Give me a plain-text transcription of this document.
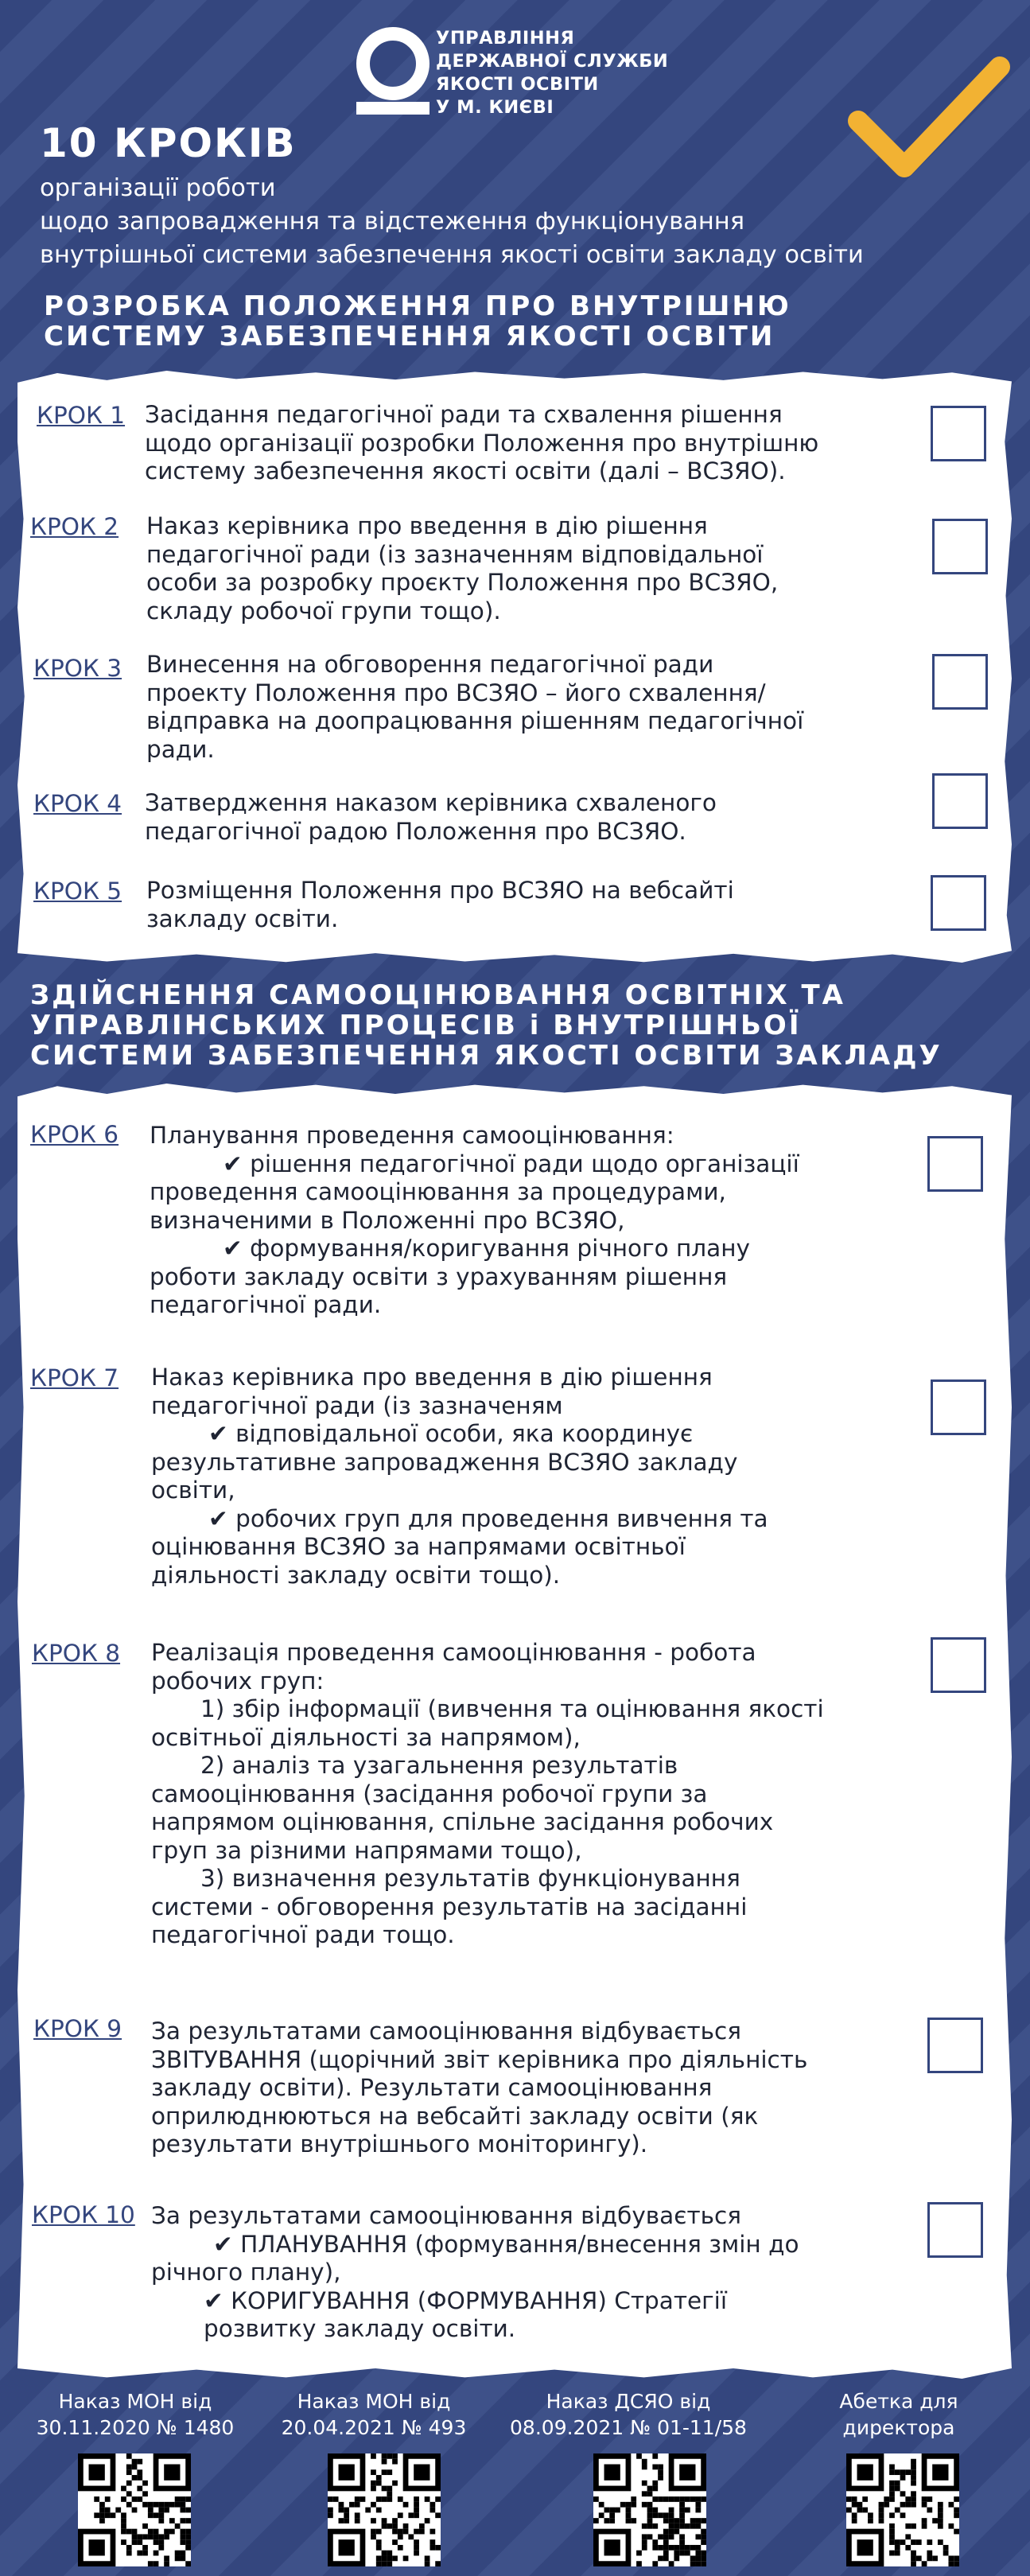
УПРАВЛІННЯ
ДЕРЖАВНОЇ СЛУЖБИ
ЯКОСТІ ОСВІТИ
У М. КИЄВІ
10 КРОКІВ
організації роботи
щодо запровадження та відстеження функціонування
внутрішньої системи забезпечення якості освіти закладу освіти
РОЗРОБКА ПОЛОЖЕННЯ ПРО ВНУТРІШНЮ
СИСТЕМУ ЗАБЕЗПЕЧЕННЯ ЯКОСТІ ОСВІТИ
КРОК 1 Засідання педагогічної ради та схвалення рішення
щодо організації розробки Положення про внутрішню
систему забезпечення якості освіти (далі – ВСЗЯО).
КРОК 2 Наказ керівника про введення в дію рішення
педагогічної ради (із зазначенням відповідальної
особи за розробку проєкту Положення про ВСЗЯО,
складу робочої групи тощо).
КРОК 3 Винесення на обговорення педагогічної ради
проекту Положення про ВСЗЯО – його схвалення/
відправка на доопрацювання рішенням педагогічної
ради.
КРОК 4 Затвердження наказом керівника схваленого
педагогічної радою Положення про ВСЗЯО.
КРОК 5 Розміщення Положення про ВСЗЯО на вебсайті
закладу освіти.
ЗДІЙСНЕННЯ САМООЦІНЮВАННЯ ОСВІТНІХ ТА
УПРАВЛІНСЬКИХ ПРОЦЕСІВ і ВНУТРІШНЬОЇ
СИСТЕМИ ЗАБЕЗПЕЧЕННЯ ЯКОСТІ ОСВІТИ ЗАКЛАДУ
КРОК 6 Планування проведення самооцінювання:
✔ рішення педагогічної ради щодо організації
проведення самооцінювання за процедурами,
визначеними в Положенні про ВСЗЯО,
✔ формування/коригування річного плану
роботи закладу освіти з урахуванням рішення
педагогічної ради.
КРОК 7 Наказ керівника про введення в дію рішення
педагогічної ради (із зазначеням
✔ відповідальної особи, яка координує
результативне запровадження ВСЗЯО закладу
освіти,
✔ робочих груп для проведення вивчення та
оцінювання ВСЗЯО за напрямами освітньої
діяльності закладу освіти тощо).
КРОК 8 Реалізація проведення самооцінювання - робота
робочих груп:
1) збір інформації (вивчення та оцінювання якості
освітньої діяльності за напрямом),
2) аналіз та узагальнення результатів
самооцінювання (засідання робочої групи за
напрямом оцінювання, спільне засідання робочих
груп за різними напрямами тощо),
3) визначення результатів функціонування
системи - обговорення результатів на засіданні
педагогічної ради тощо.
КРОК 9 За результатами самооцінювання відбувається
ЗВІТУВАННЯ (щорічний звіт керівника про діяльність
закладу освіти). Результати самооцінювання
оприлюднюються на вебсайті закладу освіти (як
результати внутрішнього моніторингу).
КРОК 10 За результатами самооцінювання відбувається
✔ ПЛАНУВАННЯ (формування/внесення змін до
річного плану),
✔ КОРИГУВАННЯ (ФОРМУВАННЯ) Стратегії
розвитку закладу освіти.
Наказ МОН від
30.11.2020 № 1480
Наказ МОН від
20.04.2021 № 493
Наказ ДСЯО від
08.09.2021 № 01-11/58
Абетка для
директора
